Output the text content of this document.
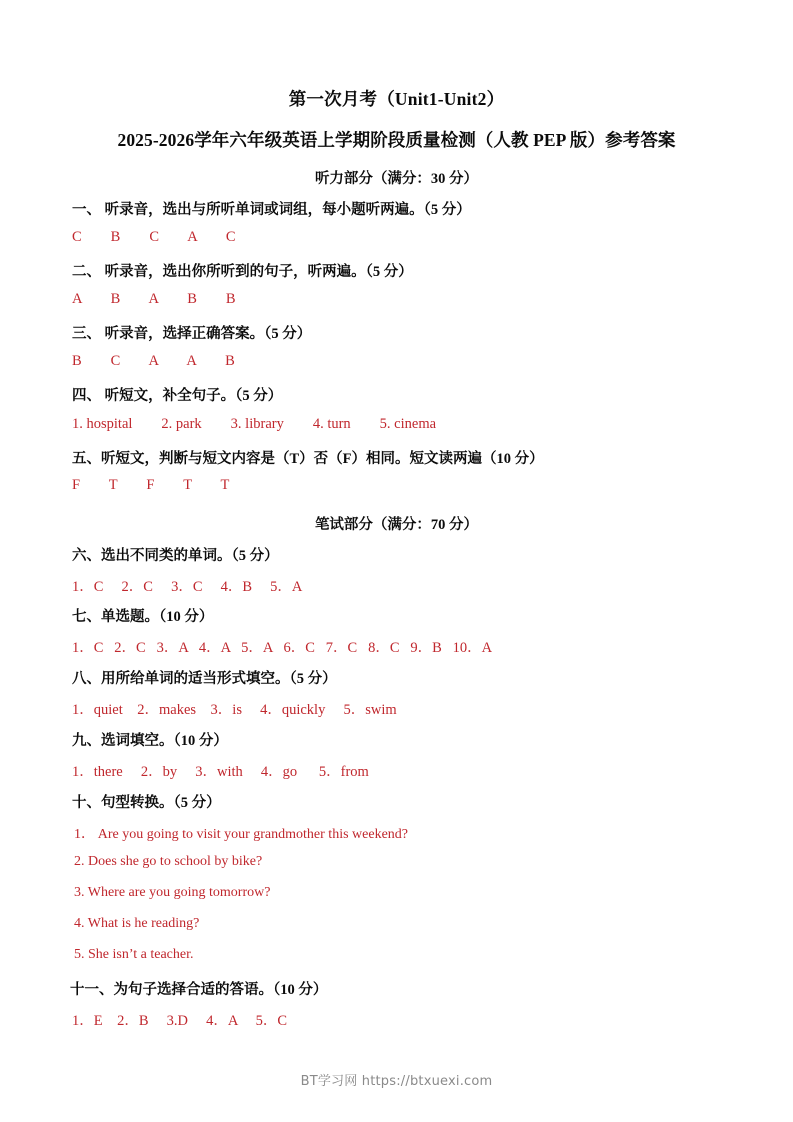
第一次月考（Unit1-Unit2）
2025-2026学年六年级英语上学期阶段质量检测（人教 PEP 版）参考答案
听力部分（满分：30 分）
一、 听录音，选出与所听单词或词组，每小题听两遍。（5 分）
C        B        C        A        C
二、 听录音，选出你所听到的句子，听两遍。（5 分）
A        B        A        B        B
三、 听录音，选择正确答案。（5 分）
B        C        A        A        B
四、 听短文，补全句子。（5 分）
1. hospital        2. park        3. library        4. turn        5. cinema
五、听短文，判断与短文内容是（T）否（F）相同。短文读两遍（10 分）
F        T        F        T        T
笔试部分（满分：70 分）
六、选出不同类的单词。（5 分）
1．C     2．C     3．C     4．B     5．A
七、单选题。（10 分）
1．C   2．C   3．A   4．A   5．A   6．C   7．C   8．C   9．B   10．A
八、用所给单词的适当形式填空。（5 分）
1．quiet    2．makes    3．is     4．quickly     5．swim
九、选词填空。（10 分）
1．there     2．by     3．with     4．go      5．from
十、句型转换。（5 分）
1． Are you going to visit your grandmother this weekend?
2. Does she go to school by bike?
3. Where are you going tomorrow?
4. What is he reading?
5. She isn’t a teacher.
十一、为句子选择合适的答语。（10 分）
1．E    2．B     3.D     4．A     5．C
BT学习网 https://btxuexi.com
